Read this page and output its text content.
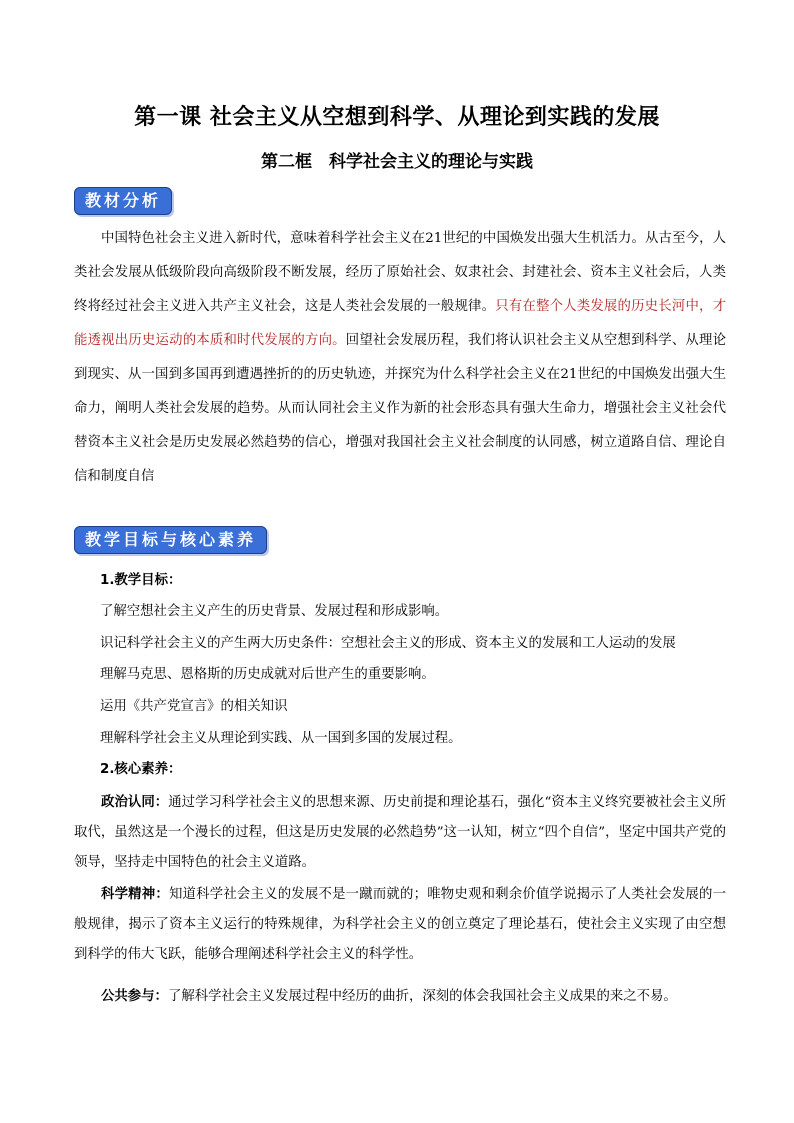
第一课 社会主义从空想到科学、从理论到实践的发展
第二框　科学社会主义的理论与实践
教材分析

中国特色社会主义进入新时代，意味着科学社会主义在21世纪的中国焕发出强大生机活力。从古至今，人类社会发展从低级阶段向高级阶段不断发展，经历了原始社会、奴隶社会、封建社会、资本主义社会后，人类终将经过社会主义进入共产主义社会，这是人类社会发展的一般规律。只有在整个人类发展的历史长河中，才能透视出历史运动的本质和时代发展的方向。回望社会发展历程，我们将认识社会主义从空想到科学、从理论到现实、从一国到多国再到遭遇挫折的的历史轨迹，并探究为什么科学社会主义在21世纪的中国焕发出强大生命力，阐明人类社会发展的趋势。从而认同社会主义作为新的社会形态具有强大生命力，增强社会主义社会代替资本主义社会是历史发展必然趋势的信心，增强对我国社会主义社会制度的认同感，树立道路自信、理论自信和制度自信

教学目标与核心素养
1.教学目标：
了解空想社会主义产生的历史背景、发展过程和形成影响。
识记科学社会主义的产生两大历史条件：空想社会主义的形成、资本主义的发展和工人运动的发展
理解马克思、恩格斯的历史成就对后世产生的重要影响。
运用《共产党宣言》的相关知识
理解科学社会主义从理论到实践、从一国到多国的发展过程。
2.核心素养：

政治认同：通过学习科学社会主义的思想来源、历史前提和理论基石，强化“资本主义终究要被社会主义所取代，虽然这是一个漫长的过程，但这是历史发展的必然趋势”这一认知，树立“四个自信”，坚定中国共产党的领导，坚持走中国特色的社会主义道路。

科学精神：知道科学社会主义的发展不是一蹴而就的；唯物史观和剩余价值学说揭示了人类社会发展的一般规律，揭示了资本主义运行的特殊规律，为科学社会主义的创立奠定了理论基石，使社会主义实现了由空想到科学的伟大飞跃，能够合理阐述科学社会主义的科学性。

公共参与：了解科学社会主义发展过程中经历的曲折，深刻的体会我国社会主义成果的来之不易。
